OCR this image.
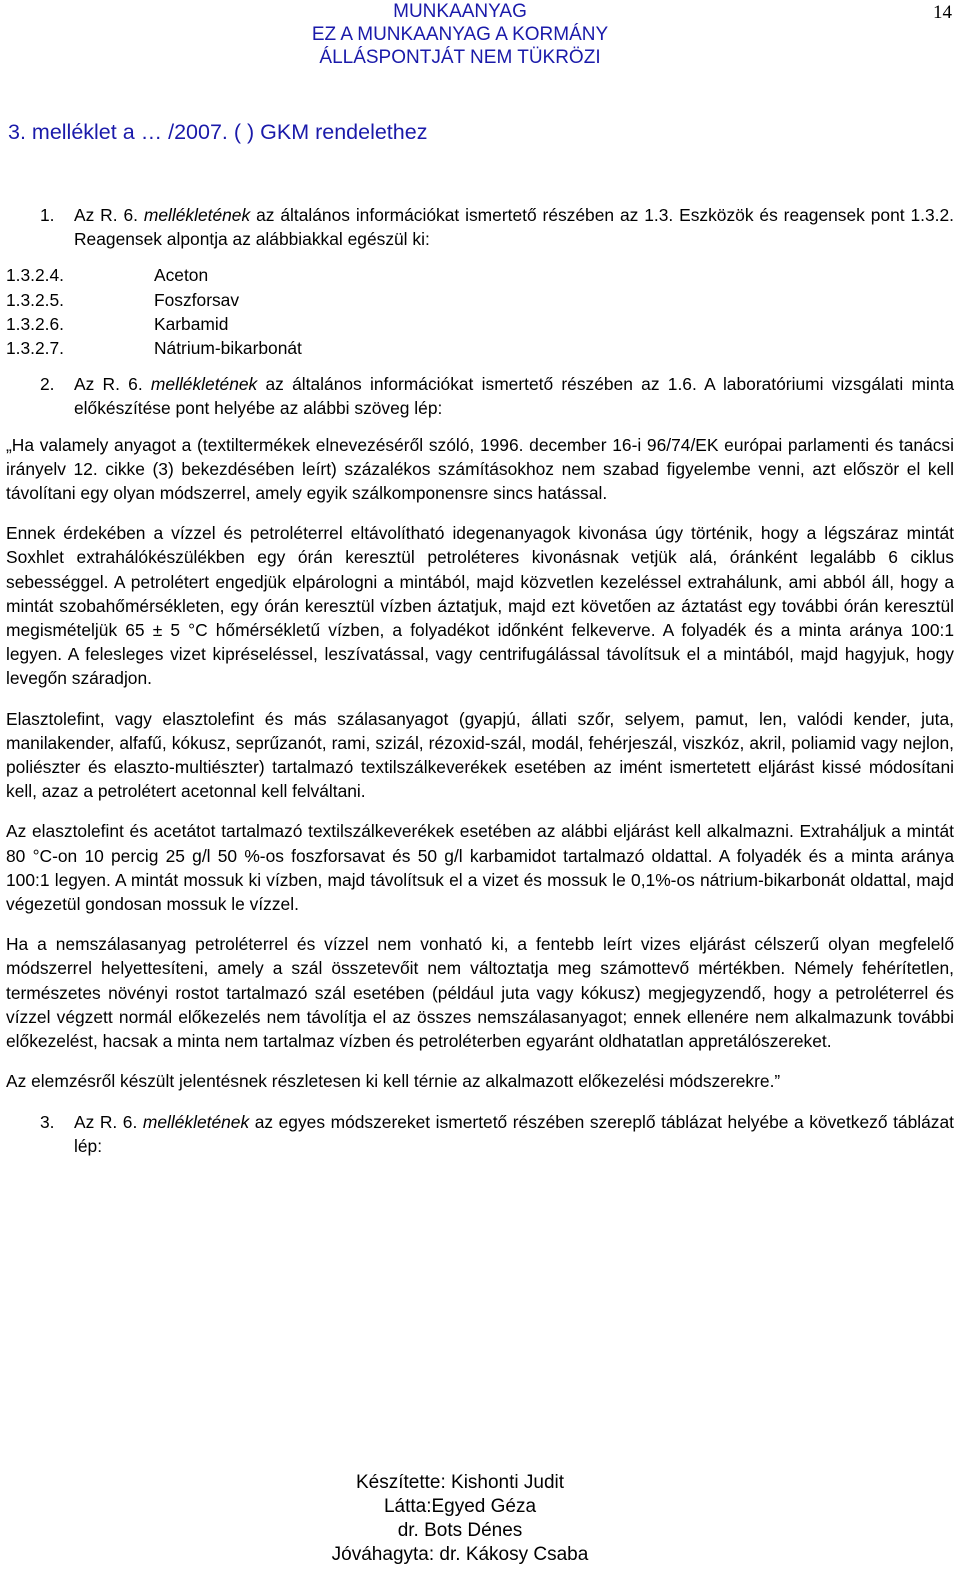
14
MUNKAANYAG
EZ A MUNKAANYAG A KORMÁNY
ÁLLÁSPONTJÁT NEM TÜKRÖZI
3. melléklet a … /2007. ( ) GKM rendelethez
1.	Az R. 6. mellékletének az általános információkat ismertető részében az 1.3. Eszközök és reagensek pont 1.3.2. Reagensek alpontja az alábbiakkal egészül ki:
1.3.2.4.	Aceton
1.3.2.5.	Foszforsav
1.3.2.6.	Karbamid
1.3.2.7.	Nátrium-bikarbonát
2.	Az R. 6. mellékletének az általános információkat ismertető részében az 1.6. A laboratóriumi vizsgálati minta előkészítése pont helyébe az alábbi szöveg lép:

„Ha valamely anyagot a (textiltermékek elnevezéséről szóló, 1996. december 16-i 96/74/EK európai parlamenti és tanácsi irányelv 12. cikke (3) bekezdésében leírt) százalékos számításokhoz nem szabad figyelembe venni, azt először el kell távolítani egy olyan módszerrel, amely egyik szálkomponensre sincs hatással.

Ennek érdekében a vízzel és petroléterrel eltávolítható idegenanyagok kivonása úgy történik, hogy a légszáraz mintát Soxhlet extrahálókészülékben egy órán keresztül petroléteres kivonásnak vetjük alá, óránként legalább 6 ciklus sebességgel. A petrolétert engedjük elpárologni a mintából, majd közvetlen kezeléssel extrahálunk, ami abból áll, hogy a mintát szobahőmérsékleten, egy órán keresztül vízben áztatjuk, majd ezt követően az áztatást egy további órán keresztül megismételjük 65 ± 5 °C hőmérsékletű vízben, a folyadékot időnként felkeverve. A folyadék és a minta aránya 100:1 legyen. A felesleges vizet kipréseléssel, leszívatással, vagy centrifugálással távolítsuk el a mintából, majd hagyjuk, hogy levegőn száradjon.

Elasztolefint, vagy elasztolefint és más szálasanyagot (gyapjú, állati szőr, selyem, pamut, len, valódi kender, juta, manilakender, alfafű, kókusz, seprűzanót, rami, szizál, rézoxid-szál, modál, fehérjeszál, viszkóz, akril, poliamid vagy nejlon, poliészter és elaszto-multiészter) tartalmazó textilszálkeverékek esetében az imént ismertetett eljárást kissé módosítani kell, azaz a petrolétert acetonnal kell felváltani.

Az elasztolefint és acetátot tartalmazó textilszálkeverékek esetében az alábbi eljárást kell alkalmazni. Extraháljuk a mintát 80 °C-on 10 percig 25 g/l 50 %-os foszforsavat és 50 g/l karbamidot tartalmazó oldattal. A folyadék és a minta aránya 100:1 legyen. A mintát mossuk ki vízben, majd távolítsuk el a vizet és mossuk le 0,1%-os nátrium-bikarbonát oldattal, majd végezetül gondosan mossuk le vízzel.

Ha a nemszálasanyag petroléterrel és vízzel nem vonható ki, a fentebb leírt vizes eljárást célszerű olyan megfelelő módszerrel helyettesíteni, amely a szál összetevőit nem változtatja meg számottevő mértékben. Némely fehérítetlen, természetes növényi rostot tartalmazó szál esetében (például juta vagy kókusz) megjegyzendő, hogy a petroléterrel és vízzel végzett normál előkezelés nem távolítja el az összes nemszálasanyagot; ennek ellenére nem alkalmazunk további előkezelést, hacsak a minta nem tartalmaz vízben és petroléterben egyaránt oldhatatlan appretálószereket.

Az elemzésről készült jelentésnek részletesen ki kell térnie az alkalmazott előkezelési módszerekre.”

3.	Az R. 6. mellékletének az egyes módszereket ismertető részében szereplő táblázat helyébe a következő táblázat lép:
Készítette: Kishonti Judit
Látta:Egyed Géza
dr. Bots Dénes
Jóváhagyta: dr. Kákosy Csaba
